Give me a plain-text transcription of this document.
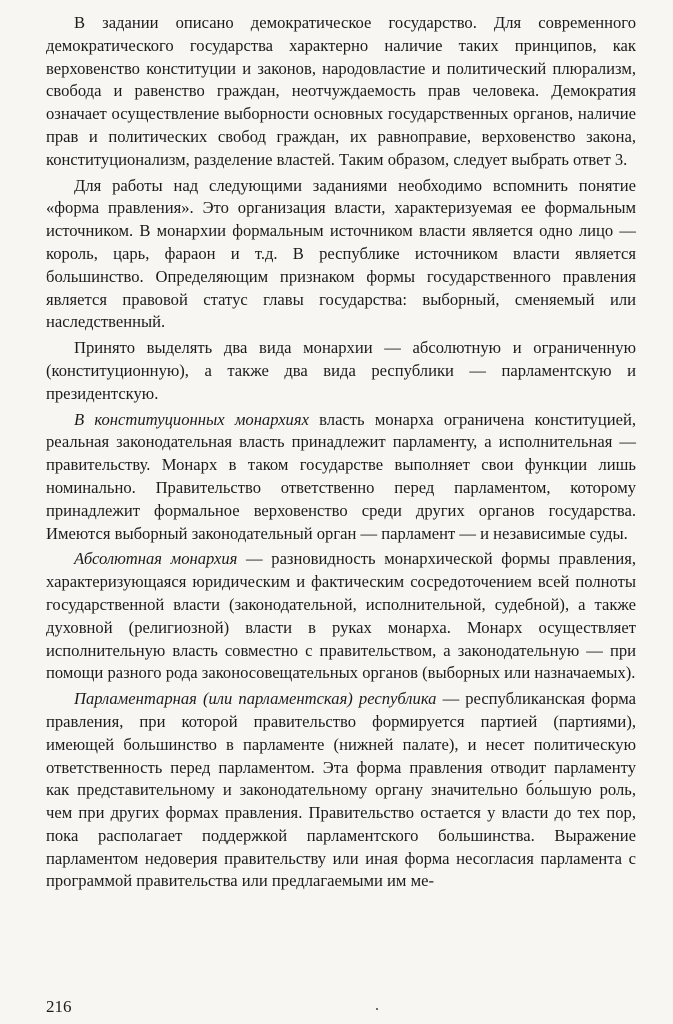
В задании описано демократическое государство. Для современного демократического государства характерно наличие таких принципов, как верховенство конституции и законов, народовластие и политический плюрализм, свобода и равенство граждан, неотчуждаемость прав человека. Демократия означает осуществление выборности основных государственных органов, наличие прав и политических свобод граждан, их равноправие, верховенство закона, конституционализм, разделение властей. Таким образом, следует выбрать ответ 3.

Для работы над следующими заданиями необходимо вспомнить понятие «форма правления». Это организация власти, характеризуемая ее формальным источником. В монархии формальным источником власти является одно лицо — король, царь, фараон и т.д. В республике источником власти является большинство. Определяющим признаком формы государственного правления является правовой статус главы государства: выборный, сменяемый или наследственный.

Принято выделять два вида монархии — абсолютную и ограниченную (конституционную), а также два вида республики — парламентскую и президентскую.

В конституционных монархиях власть монарха ограничена конституцией, реальная законодательная власть принадлежит парламенту, а исполнительная — правительству. Монарх в таком государстве выполняет свои функции лишь номинально. Правительство ответственно перед парламентом, которому принадлежит формальное верховенство среди других органов государства. Имеются выборный законодательный орган — парламент — и независимые суды.

Абсолютная монархия — разновидность монархической формы правления, характеризующаяся юридическим и фактическим сосредоточением всей полноты государственной власти (законодательной, исполнительной, судебной), а также духовной (религиозной) власти в руках монарха. Монарх осуществляет исполнительную власть совместно с правительством, а законодательную — при помощи разного рода законосовещательных органов (выборных или назначаемых).

Парламентарная (или парламентская) республика — республиканская форма правления, при которой правительство формируется партией (партиями), имеющей большинство в парламенте (нижней палате), и несет политическую ответственность перед парламентом. Эта форма правления отводит парламенту как представительному и законодательному органу значительно бо́льшую роль, чем при других формах правления. Правительство остается у власти до тех пор, пока располагает поддержкой парламентского большинства. Выражение парламентом недоверия правительству или иная форма несогласия парламента с программой правительства или предлагаемыми им ме-

216
